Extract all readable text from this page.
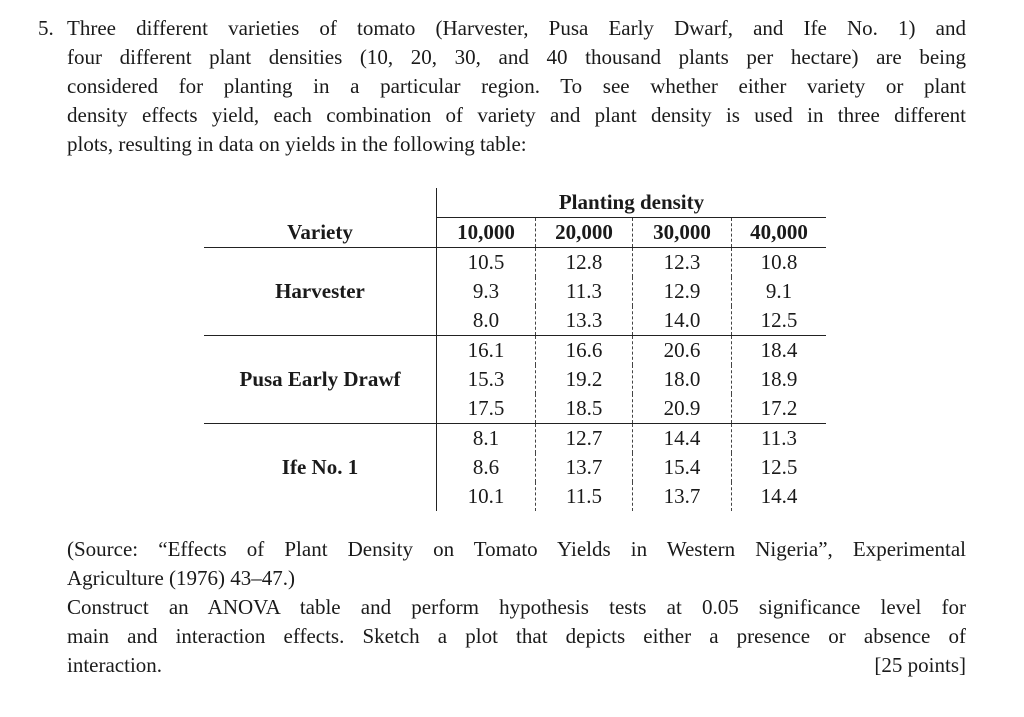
5. Three different varieties of tomato (Harvester, Pusa Early Dwarf, and Ife No. 1) and
four different plant densities (10, 20, 30, and 40 thousand plants per hectare) are being
considered for planting in a particular region. To see whether either variety or plant
density effects yield, each combination of variety and plant density is used in three different
plots, resulting in data on yields in the following table:
	Planting density			
Variety	10,000	20,000	30,000	40,000
Harvester	10.5	12.8	12.3	10.8
	9.3	11.3	12.9	9.1
	8.0	13.3	14.0	12.5
Pusa Early Drawf	16.1	16.6	20.6	18.4
	15.3	19.2	18.0	18.9
	17.5	18.5	20.9	17.2
Ife No. 1	8.1	12.7	14.4	11.3
	8.6	13.7	15.4	12.5
	10.1	11.5	13.7	14.4
(Source: “Effects of Plant Density on Tomato Yields in Western Nigeria”, Experimental
Agriculture (1976) 43–47.)
Construct an ANOVA table and perform hypothesis tests at 0.05 significance level for
main and interaction effects. Sketch a plot that depicts either a presence or absence of
interaction.	[25 points]
